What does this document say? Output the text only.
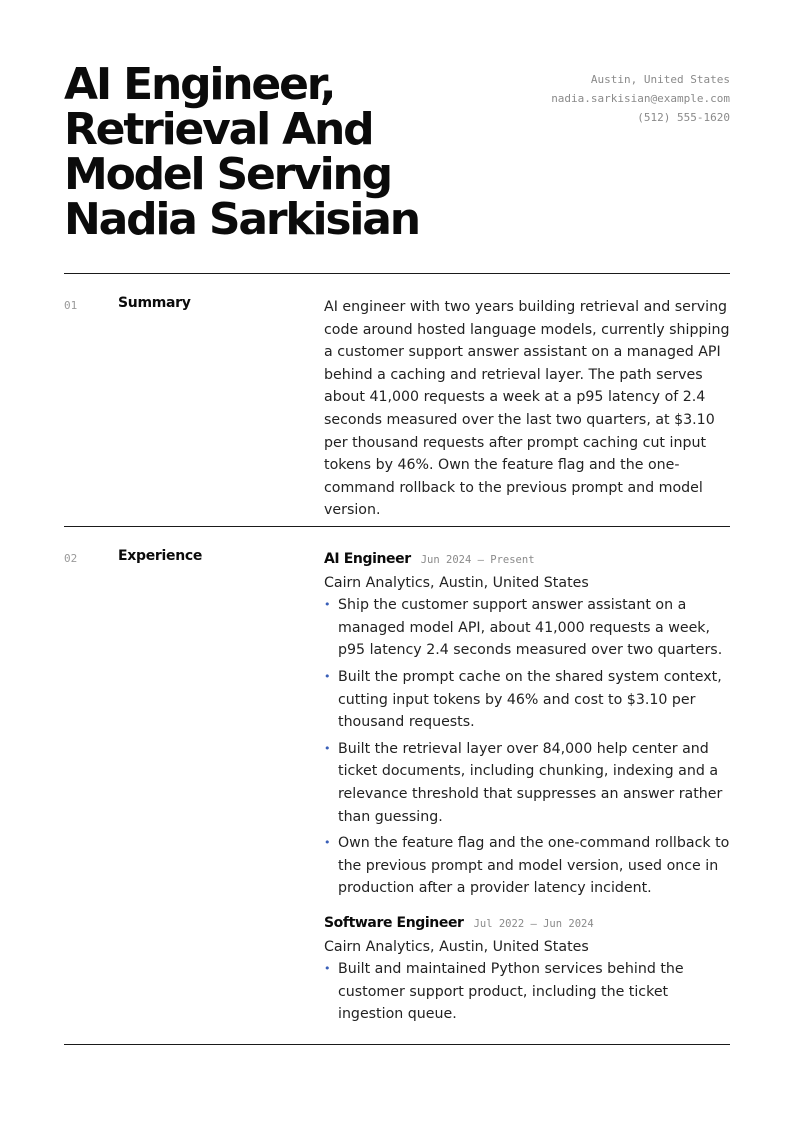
AI Engineer, Retrieval And Model Serving Nadia Sarkisian
Austin, United States
nadia.sarkisian@example.com
(512) 555-1620
01	Summary	AI engineer with two years building retrieval and serving code around hosted language models, currently shipping a customer support answer assistant on a managed API behind a caching and retrieval layer. The path serves about 41,000 requests a week at a p95 latency of 2.4 seconds measured over the last two quarters, at $3.10 per thousand requests after prompt caching cut input tokens by 46%. Own the feature flag and the one-command rollback to the previous prompt and model version.

02	Experience	AI Engineer Jun 2024 — Present
Cairn Analytics, Austin, United States
• Ship the customer support answer assistant on a managed model API, about 41,000 requests a week, p95 latency 2.4 seconds measured over two quarters.
• Built the prompt cache on the shared system context, cutting input tokens by 46% and cost to $3.10 per thousand requests.
• Built the retrieval layer over 84,000 help center and ticket documents, including chunking, indexing and a relevance threshold that suppresses an answer rather than guessing.
• Own the feature flag and the one-command rollback to the previous prompt and model version, used once in production after a provider latency incident.
Software Engineer Jul 2022 — Jun 2024
Cairn Analytics, Austin, United States
• Built and maintained Python services behind the customer support product, including the ticket ingestion queue.
